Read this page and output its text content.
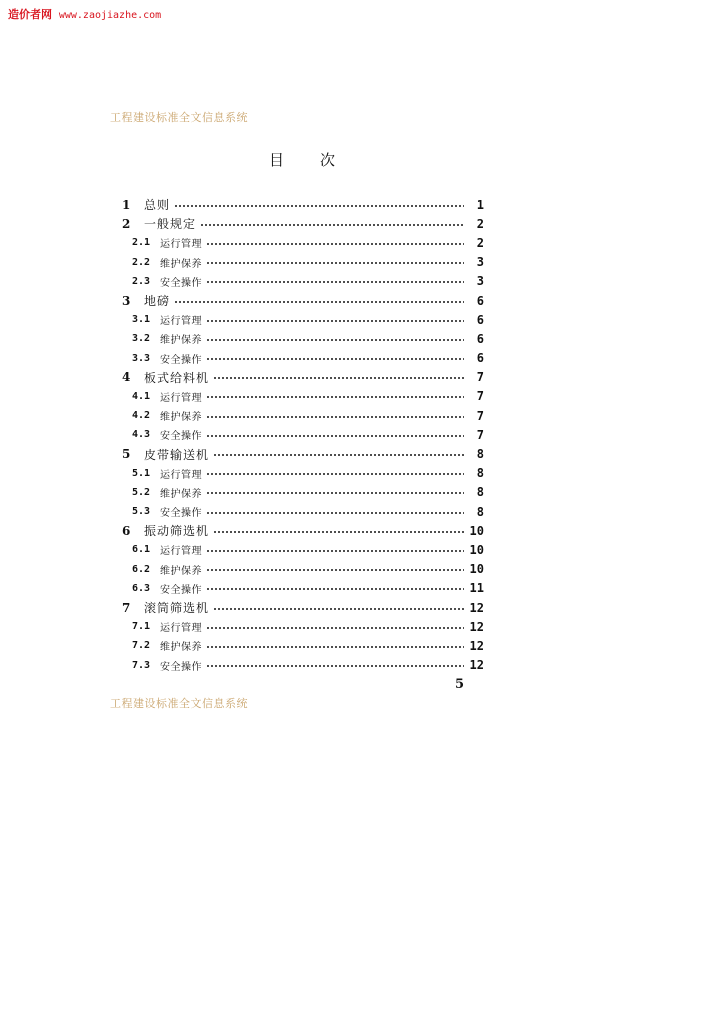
造价者网 www.zaojiazhe.com
工程建设标准全文信息系统
目 次
1	总则	1
2	一般规定	2
2.1 运行管理	2
2.2 维护保养	3
2.3 安全操作	3
3	地磅	6
3.1 运行管理	6
3.2 维护保养	6
3.3 安全操作	6
4	板式给料机	7
4.1 运行管理	7
4.2 维护保养	7
4.3 安全操作	7
5	皮带输送机	8
5.1 运行管理	8
5.2 维护保养	8
5.3 安全操作	8
6	振动筛选机	10
6.1 运行管理	10
6.2 维护保养	10
6.3 安全操作	11
7	滚筒筛选机	12
7.1 运行管理	12
7.2 维护保养	12
7.3 安全操作	12
5
工程建设标准全文信息系统
